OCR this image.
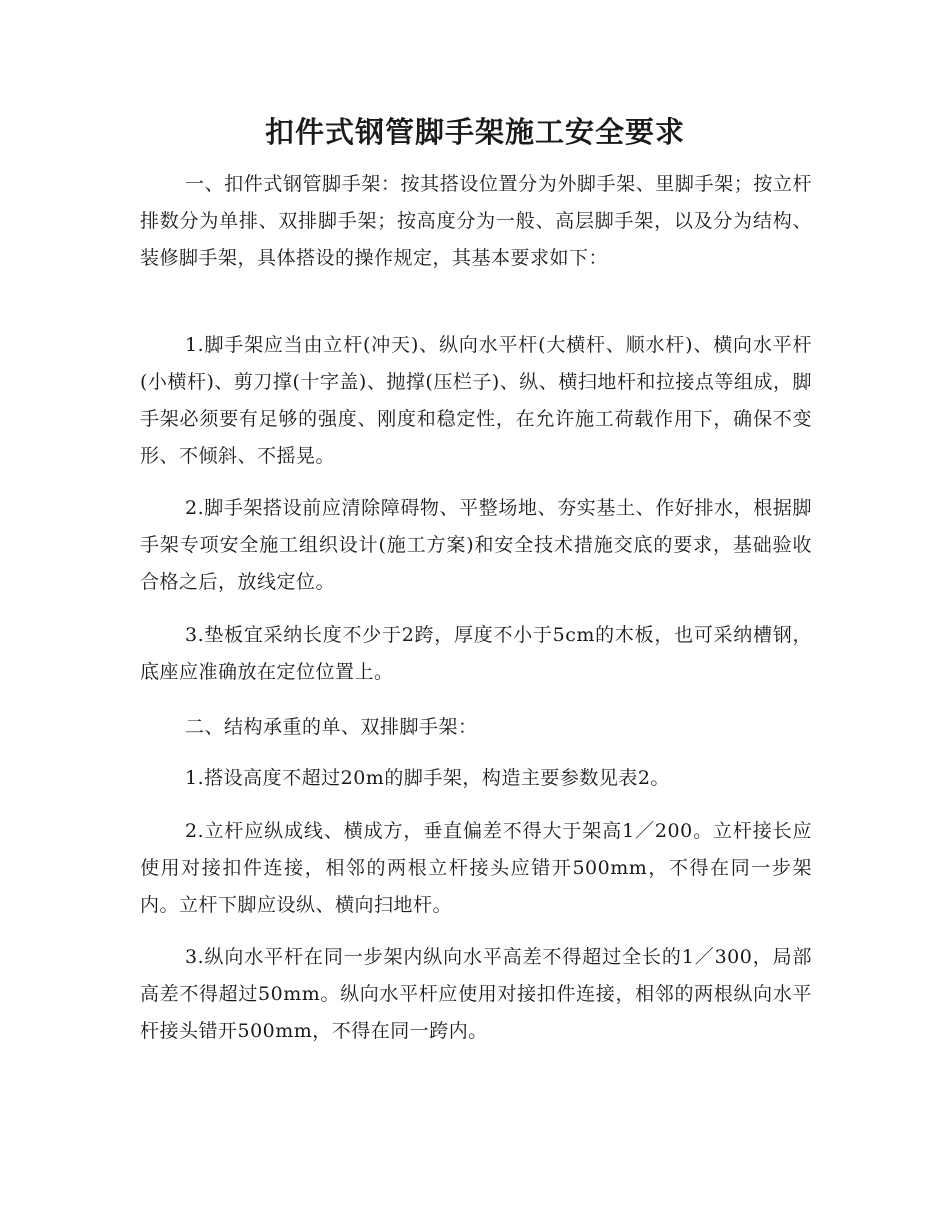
扣件式钢管脚手架施工安全要求

一、扣件式钢管脚手架：按其搭设位置分为外脚手架、里脚手架；按立杆排数分为单排、双排脚手架；按高度分为一般、高层脚手架，以及分为结构、装修脚手架，具体搭设的操作规定，其基本要求如下：

1.脚手架应当由立杆(冲天)、纵向水平杆(大横杆、顺水杆)、横向水平杆(小横杆)、剪刀撑(十字盖)、抛撑(压栏子)、纵、横扫地杆和拉接点等组成，脚手架必须要有足够的强度、刚度和稳定性，在允许施工荷载作用下，确保不变形、不倾斜、不摇晃。

2.脚手架搭设前应清除障碍物、平整场地、夯实基土、作好排水，根据脚手架专项安全施工组织设计(施工方案)和安全技术措施交底的要求，基础验收合格之后，放线定位。

3.垫板宜采纳长度不少于2跨，厚度不小于5cm的木板，也可采纳槽钢，底座应准确放在定位位置上。

二、结构承重的单、双排脚手架：

1.搭设高度不超过20m的脚手架，构造主要参数见表2。

2.立杆应纵成线、横成方，垂直偏差不得大于架高1／200。立杆接长应使用对接扣件连接，相邻的两根立杆接头应错开500mm，不得在同一步架内。立杆下脚应设纵、横向扫地杆。

3.纵向水平杆在同一步架内纵向水平高差不得超过全长的1／300，局部高差不得超过50mm。纵向水平杆应使用对接扣件连接，相邻的两根纵向水平杆接头错开500mm，不得在同一跨内。
